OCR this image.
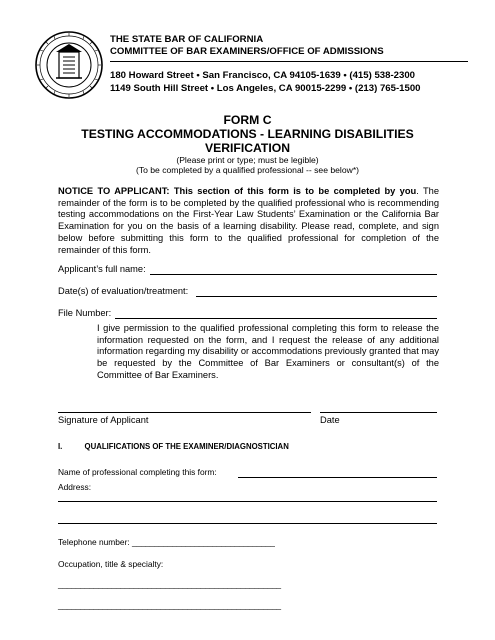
THE STATE BAR OF CALIFORNIA
COMMITTEE OF BAR EXAMINERS/OFFICE OF ADMISSIONS
180 Howard Street • San Francisco, CA 94105-1639 • (415) 538-2300
1149 South Hill Street • Los Angeles, CA 90015-2299 • (213) 765-1500
FORM C
TESTING ACCOMMODATIONS - LEARNING DISABILITIES
VERIFICATION
(Please print or type; must be legible)
(To be completed by a qualified professional -- see below*)
NOTICE TO APPLICANT: This section of this form is to be completed by you. The remainder of the form is to be completed by the qualified professional who is recommending testing accommodations on the First-Year Law Students’ Examination or the California Bar Examination for you on the basis of a learning disability. Please read, complete, and sign below before submitting this form to the qualified professional for completion of the remainder of this form.
Applicant’s full name:
Date(s) of evaluation/treatment:
File Number:
I give permission to the qualified professional completing this form to release the information requested on the form, and I request the release of any additional information regarding my disability or accommodations previously granted that may be requested by the Committee of Bar Examiners or consultant(s) of the Committee of Bar Examiners.
Signature of Applicant	Date
I.	QUALIFICATIONS OF THE EXAMINER/DIAGNOSTICIAN
Name of professional completing this form:
Address:
Telephone number: ________________________________
Occupation, title & specialty:
__________________________________________________
__________________________________________________
